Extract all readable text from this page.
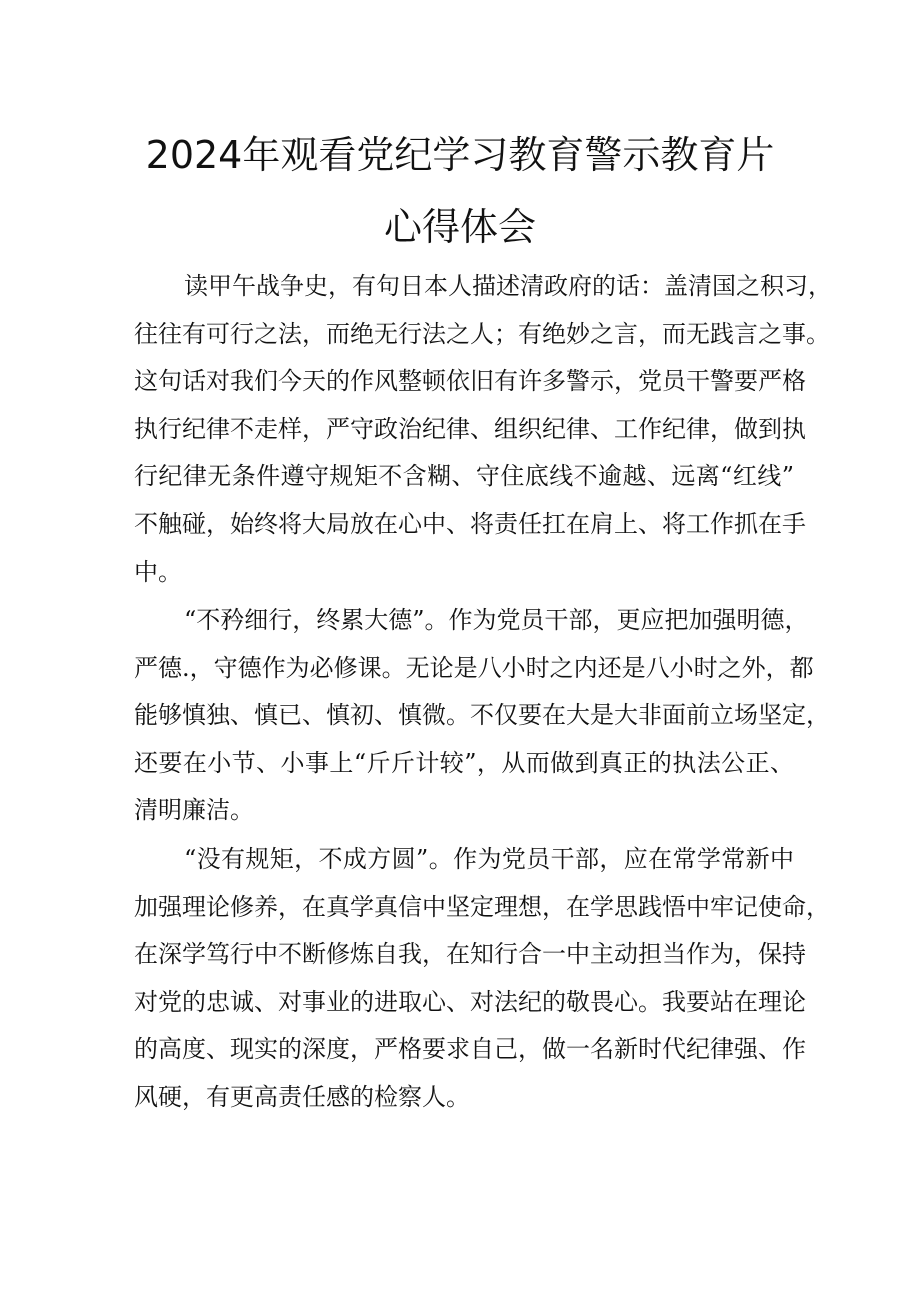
2024年观看党纪学习教育警示教育片
心得体会
读甲午战争史，有句日本人描述清政府的话：盖清国之积习，
往往有可行之法，而绝无行法之人；有绝妙之言，而无践言之事。
这句话对我们今天的作风整顿依旧有许多警示，党员干警要严格
执行纪律不走样，严守政治纪律、组织纪律、工作纪律，做到执
行纪律无条件遵守规矩不含糊、守住底线不逾越、远离“红线”
不触碰，始终将大局放在心中、将责任扛在肩上、将工作抓在手
中。
“不矜细行，终累大德”。作为党员干部，更应把加强明德，
严德.，守德作为必修课。无论是八小时之内还是八小时之外，都
能够慎独、慎已、慎初、慎微。不仅要在大是大非面前立场坚定，
还要在小节、小事上“斤斤计较”，从而做到真正的执法公正、
清明廉洁。
“没有规矩，不成方圆”。作为党员干部，应在常学常新中
加强理论修养，在真学真信中坚定理想，在学思践悟中牢记使命，
在深学笃行中不断修炼自我，在知行合一中主动担当作为，保持
对党的忠诚、对事业的进取心、对法纪的敬畏心。我要站在理论
的高度、现实的深度，严格要求自己，做一名新时代纪律强、作
风硬，有更高责任感的检察人。
